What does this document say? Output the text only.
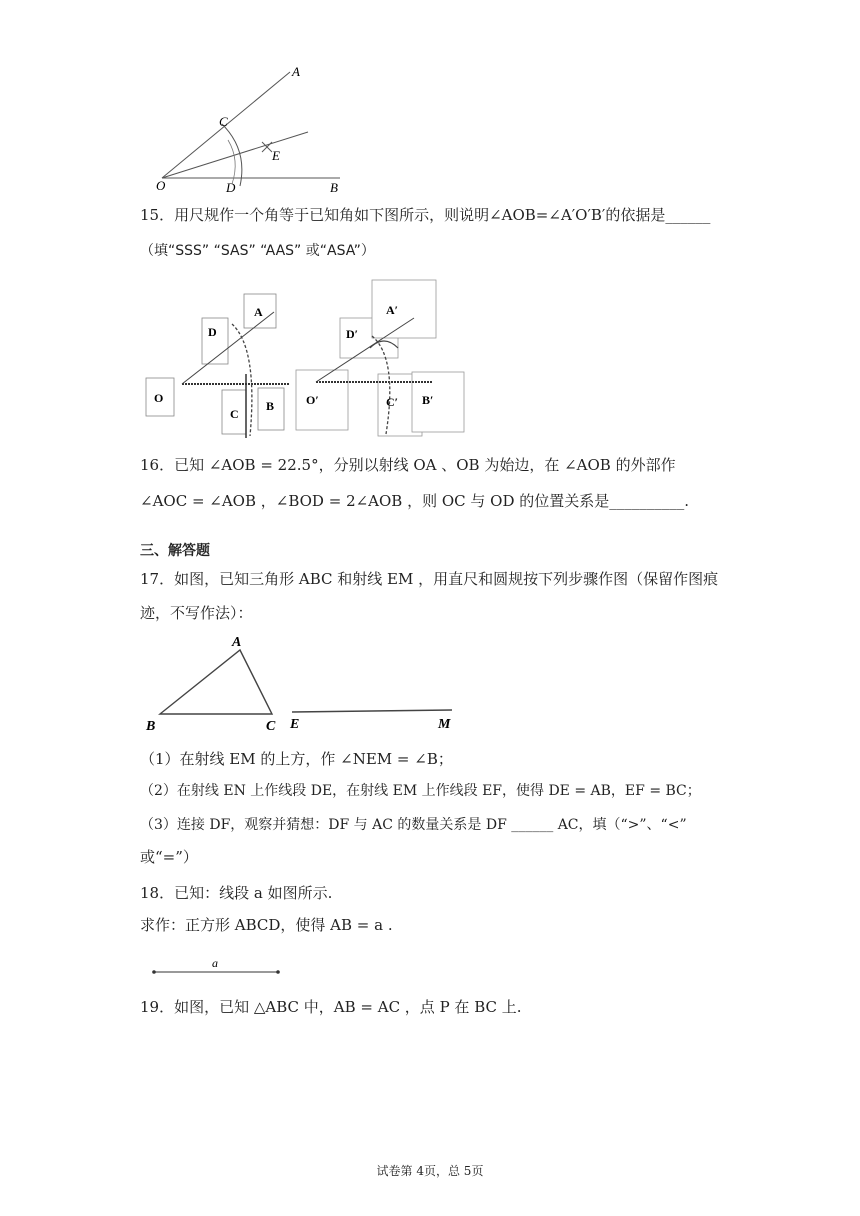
A
C
E
O	D	B
15．用尺规作一个角等于已知角如下图所示，则说明∠AOB=∠A′O′B′的依据是______
（填“SSS” “SAS” “AAS” 或“ASA”）
O
D
A
C
B	O′
D′
A′
C′ B′
16．已知 ∠AOB = 22.5°，分别以射线 OA 、OB 为始边，在 ∠AOB 的外部作
∠AOC = ∠AOB ，∠BOD = 2∠AOB ，则 OC 与 OD 的位置关系是__________.
三、解答题
17．如图，已知三角形 ABC 和射线 EM ，用直尺和圆规按下列步骤作图（保留作图痕
迹，不写作法）：
A
B	C E	M
（1）在射线 EM 的上方，作 ∠NEM = ∠B；
（2）在射线 EN 上作线段 DE，在射线 EM 上作线段 EF，使得 DE = AB，EF = BC；
（3）连接 DF，观察并猜想：DF 与 AC 的数量关系是 DF ______ AC，填（“>”、“<”
或“=”）
18．已知：线段 a 如图所示.
求作：正方形 ABCD，使得 AB = a .
a
19．如图，已知 △ABC 中，AB = AC ，点 P 在 BC 上.
试卷第 4页，总 5页
